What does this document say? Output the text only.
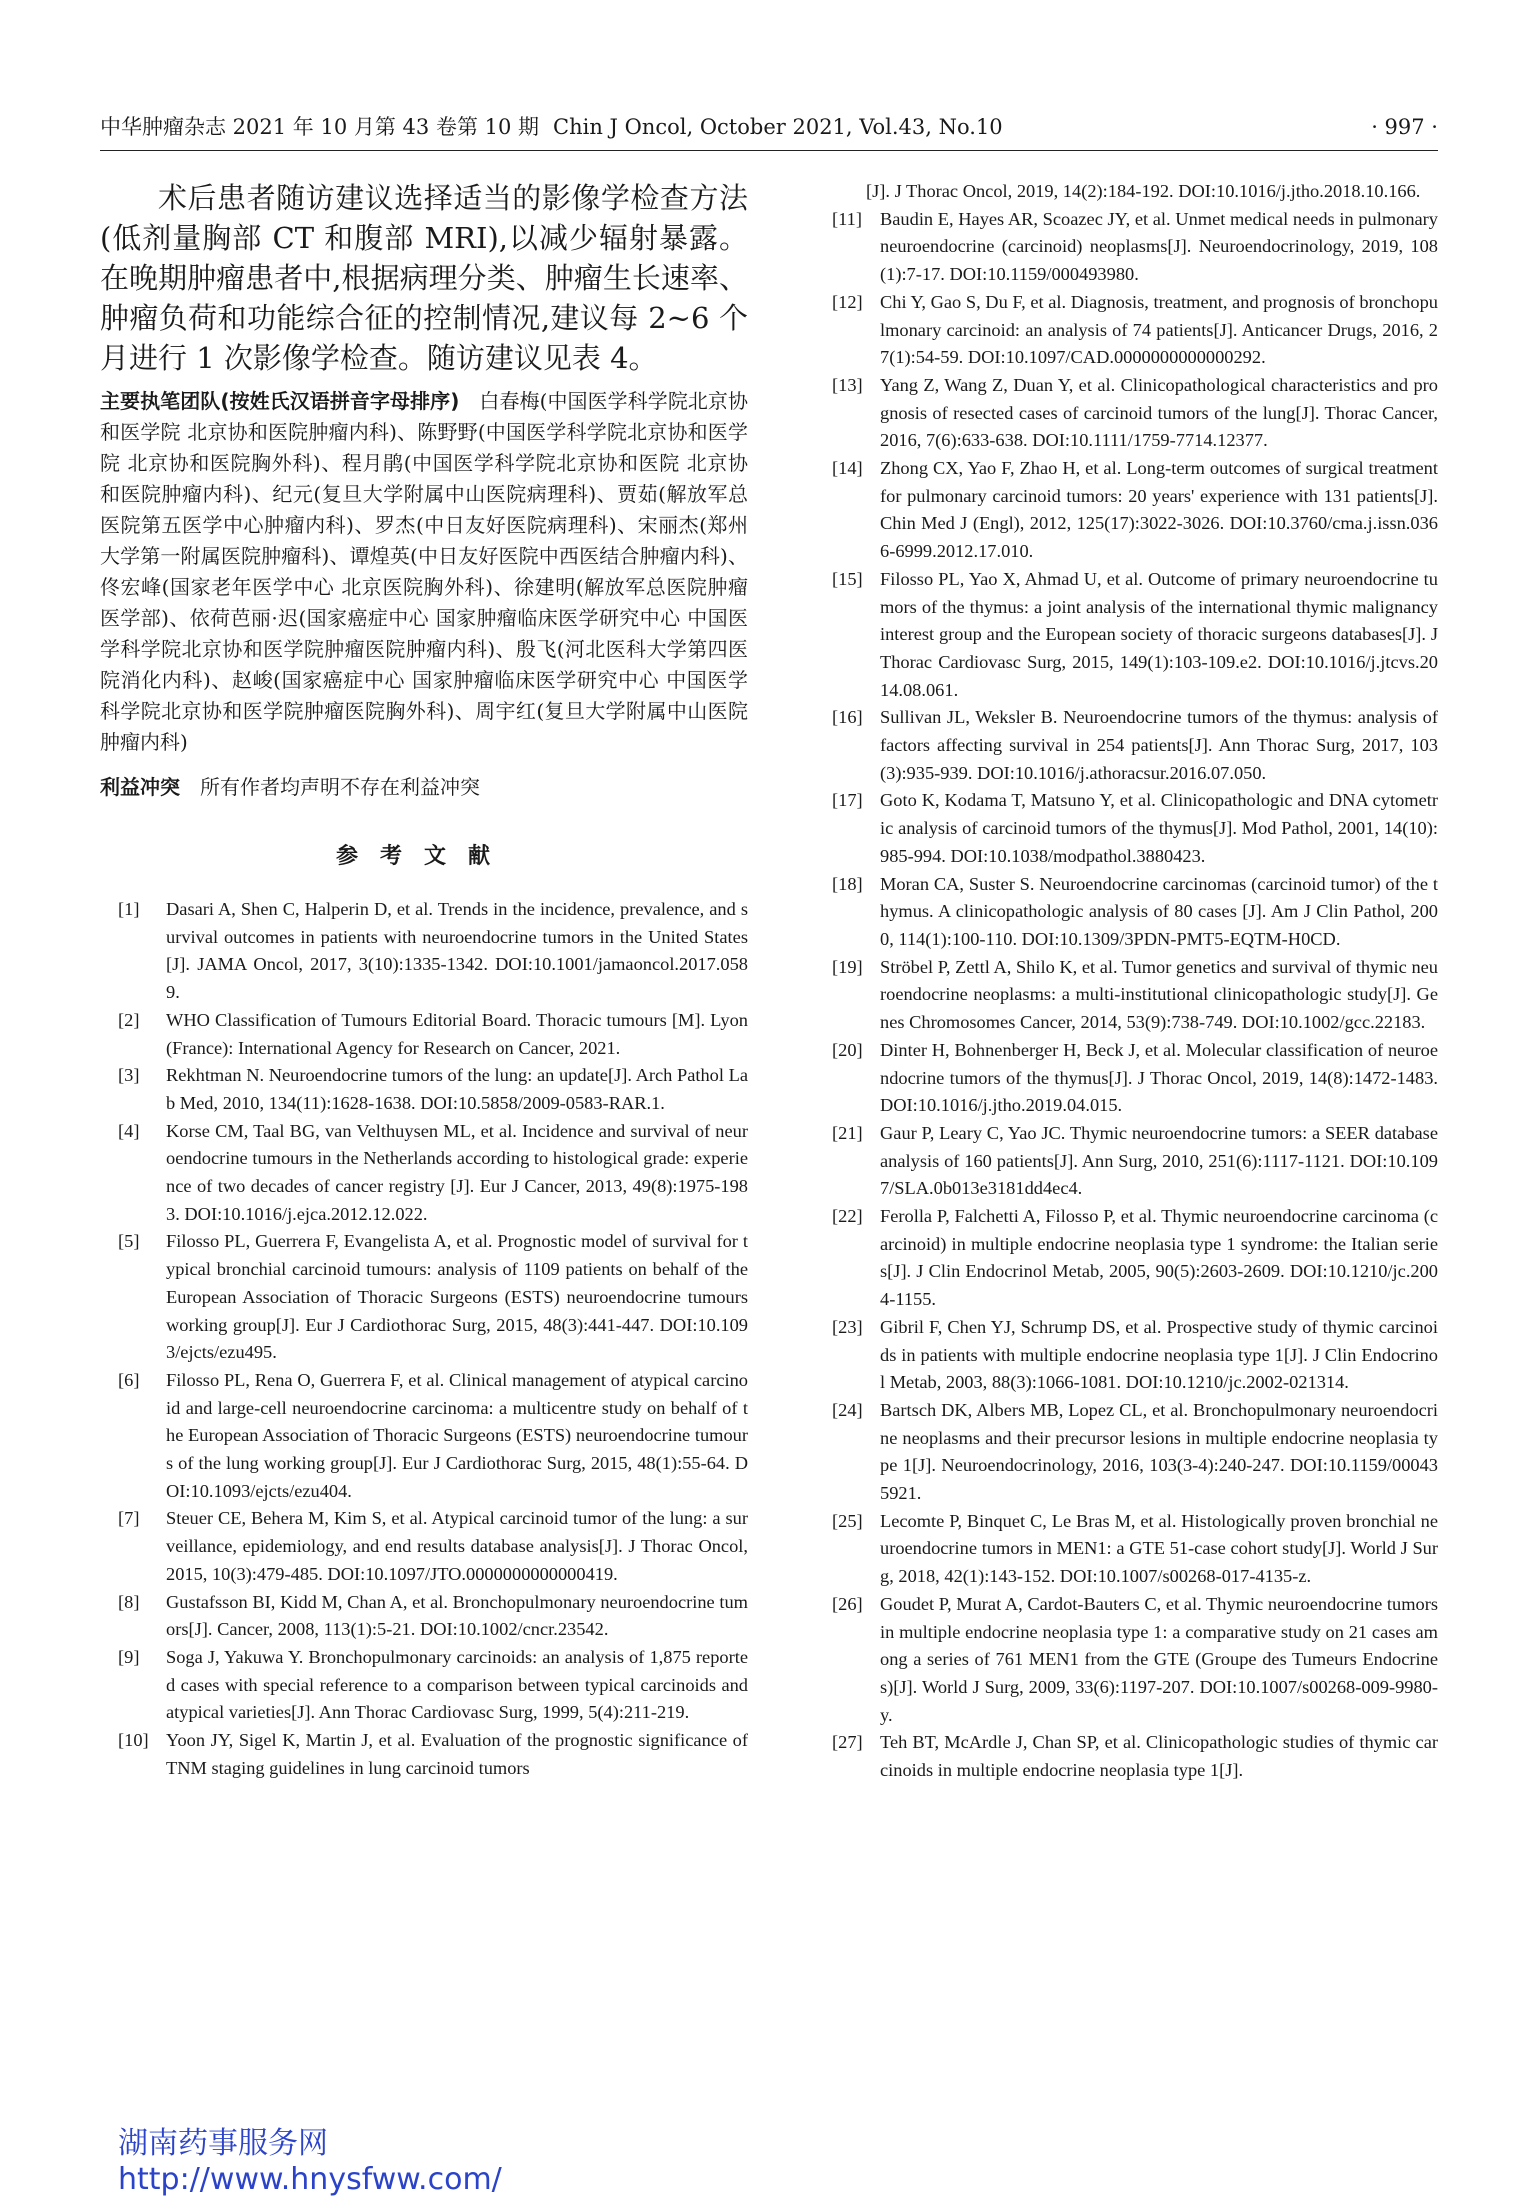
中华肿瘤杂志 2021 年 10 月第 43 卷第 10 期 Chin J Oncol, October 2021, Vol.43, No.10	· 997 ·

术后患者随访建议选择适当的影像学检查方法(低剂量胸部 CT 和腹部 MRI),以减少辐射暴露。在晚期肿瘤患者中,根据病理分类、肿瘤生长速率、肿瘤负荷和功能综合征的控制情况,建议每 2~6 个月进行 1 次影像学检查。随访建议见表 4。

主要执笔团队(按姓氏汉语拼音字母排序) 白春梅(中国医学科学院北京协和医学院 北京协和医院肿瘤内科)、陈野野(中国医学科学院北京协和医学院 北京协和医院胸外科)、程月鹃(中国医学科学院北京协和医院 北京协和医院肿瘤内科)、纪元(复旦大学附属中山医院病理科)、贾茹(解放军总医院第五医学中心肿瘤内科)、罗杰(中日友好医院病理科)、宋丽杰(郑州大学第一附属医院肿瘤科)、谭煌英(中日友好医院中西医结合肿瘤内科)、佟宏峰(国家老年医学中心 北京医院胸外科)、徐建明(解放军总医院肿瘤医学部)、依荷芭丽·迟(国家癌症中心 国家肿瘤临床医学研究中心 中国医学科学院北京协和医学院肿瘤医院肿瘤内科)、殷飞(河北医科大学第四医院消化内科)、赵峻(国家癌症中心 国家肿瘤临床医学研究中心 中国医学科学院北京协和医学院肿瘤医院胸外科)、周宇红(复旦大学附属中山医院肿瘤内科)

利益冲突 所有作者均声明不存在利益冲突

参考文献

[1] Dasari A, Shen C, Halperin D, et al. Trends in the incidence, prevalence, and survival outcomes in patients with neuroendocrine tumors in the United States[J]. JAMA Oncol, 2017, 3(10):1335-1342. DOI:10.1001/jamaoncol.2017.0589.

[2] WHO Classification of Tumours Editorial Board. Thoracic tumours [M]. Lyon (France): International Agency for Research on Cancer, 2021.

[3] Rekhtman N. Neuroendocrine tumors of the lung: an update[J]. Arch Pathol Lab Med, 2010, 134(11):1628-1638. DOI:10.5858/2009-0583-RAR.1.

[4] Korse CM, Taal BG, van Velthuysen ML, et al. Incidence and survival of neuroendocrine tumours in the Netherlands according to histological grade: experience of two decades of cancer registry [J]. Eur J Cancer, 2013, 49(8):1975-1983. DOI:10.1016/j.ejca.2012.12.022.

[5] Filosso PL, Guerrera F, Evangelista A, et al. Prognostic model of survival for typical bronchial carcinoid tumours: analysis of 1109 patients on behalf of the European Association of Thoracic Surgeons (ESTS) neuroendocrine tumours working group[J]. Eur J Cardiothorac Surg, 2015, 48(3):441-447. DOI:10.1093/ejcts/ezu495.

[6] Filosso PL, Rena O, Guerrera F, et al. Clinical management of atypical carcinoid and large-cell neuroendocrine carcinoma: a multicentre study on behalf of the European Association of Thoracic Surgeons (ESTS) neuroendocrine tumours of the lung working group[J]. Eur J Cardiothorac Surg, 2015, 48(1):55-64. DOI:10.1093/ejcts/ezu404.

[7] Steuer CE, Behera M, Kim S, et al. Atypical carcinoid tumor of the lung: a surveillance, epidemiology, and end results database analysis[J]. J Thorac Oncol, 2015, 10(3):479-485. DOI:10.1097/JTO.0000000000000419.

[8] Gustafsson BI, Kidd M, Chan A, et al. Bronchopulmonary neuroendocrine tumors[J]. Cancer, 2008, 113(1):5-21. DOI:10.1002/cncr.23542.

[9] Soga J, Yakuwa Y. Bronchopulmonary carcinoids: an analysis of 1,875 reported cases with special reference to a comparison between typical carcinoids and atypical varieties[J]. Ann Thorac Cardiovasc Surg, 1999, 5(4):211-219.

[10] Yoon JY, Sigel K, Martin J, et al. Evaluation of the prognostic significance of TNM staging guidelines in lung carcinoid tumors

[J]. J Thorac Oncol, 2019, 14(2):184-192. DOI:10.1016/j.jtho.2018.10.166.

[11] Baudin E, Hayes AR, Scoazec JY, et al. Unmet medical needs in pulmonary neuroendocrine (carcinoid) neoplasms[J]. Neuroendocrinology, 2019, 108(1):7-17. DOI:10.1159/000493980.

[12] Chi Y, Gao S, Du F, et al. Diagnosis, treatment, and prognosis of bronchopulmonary carcinoid: an analysis of 74 patients[J]. Anticancer Drugs, 2016, 27(1):54-59. DOI:10.1097/CAD.0000000000000292.

[13] Yang Z, Wang Z, Duan Y, et al. Clinicopathological characteristics and prognosis of resected cases of carcinoid tumors of the lung[J]. Thorac Cancer, 2016, 7(6):633-638. DOI:10.1111/1759-7714.12377.

[14] Zhong CX, Yao F, Zhao H, et al. Long-term outcomes of surgical treatment for pulmonary carcinoid tumors: 20 years' experience with 131 patients[J]. Chin Med J (Engl), 2012, 125(17):3022-3026. DOI:10.3760/cma.j.issn.0366-6999.2012.17.010.

[15] Filosso PL, Yao X, Ahmad U, et al. Outcome of primary neuroendocrine tumors of the thymus: a joint analysis of the international thymic malignancy interest group and the European society of thoracic surgeons databases[J]. J Thorac Cardiovasc Surg, 2015, 149(1):103-109.e2. DOI:10.1016/j.jtcvs.2014.08.061.

[16] Sullivan JL, Weksler B. Neuroendocrine tumors of the thymus: analysis of factors affecting survival in 254 patients[J]. Ann Thorac Surg, 2017, 103(3):935-939. DOI:10.1016/j.athoracsur.2016.07.050.

[17] Goto K, Kodama T, Matsuno Y, et al. Clinicopathologic and DNA cytometric analysis of carcinoid tumors of the thymus[J]. Mod Pathol, 2001, 14(10):985-994. DOI:10.1038/modpathol.3880423.

[18] Moran CA, Suster S. Neuroendocrine carcinomas (carcinoid tumor) of the thymus. A clinicopathologic analysis of 80 cases [J]. Am J Clin Pathol, 2000, 114(1):100-110. DOI:10.1309/3PDN-PMT5-EQTM-H0CD.

[19] Ströbel P, Zettl A, Shilo K, et al. Tumor genetics and survival of thymic neuroendocrine neoplasms: a multi-institutional clinicopathologic study[J]. Genes Chromosomes Cancer, 2014, 53(9):738-749. DOI:10.1002/gcc.22183.

[20] Dinter H, Bohnenberger H, Beck J, et al. Molecular classification of neuroendocrine tumors of the thymus[J]. J Thorac Oncol, 2019, 14(8):1472-1483. DOI:10.1016/j.jtho.2019.04.015.

[21] Gaur P, Leary C, Yao JC. Thymic neuroendocrine tumors: a SEER database analysis of 160 patients[J]. Ann Surg, 2010, 251(6):1117-1121. DOI:10.1097/SLA.0b013e3181dd4ec4.

[22] Ferolla P, Falchetti A, Filosso P, et al. Thymic neuroendocrine carcinoma (carcinoid) in multiple endocrine neoplasia type 1 syndrome: the Italian series[J]. J Clin Endocrinol Metab, 2005, 90(5):2603-2609. DOI:10.1210/jc.2004-1155.

[23] Gibril F, Chen YJ, Schrump DS, et al. Prospective study of thymic carcinoids in patients with multiple endocrine neoplasia type 1[J]. J Clin Endocrinol Metab, 2003, 88(3):1066-1081. DOI:10.1210/jc.2002-021314.

[24] Bartsch DK, Albers MB, Lopez CL, et al. Bronchopulmonary neuroendocrine neoplasms and their precursor lesions in multiple endocrine neoplasia type 1[J]. Neuroendocrinology, 2016, 103(3-4):240-247. DOI:10.1159/000435921.

[25] Lecomte P, Binquet C, Le Bras M, et al. Histologically proven bronchial neuroendocrine tumors in MEN1: a GTE 51-case cohort study[J]. World J Surg, 2018, 42(1):143-152. DOI:10.1007/s00268-017-4135-z.

[26] Goudet P, Murat A, Cardot-Bauters C, et al. Thymic neuroendocrine tumors in multiple endocrine neoplasia type 1: a comparative study on 21 cases among a series of 761 MEN1 from the GTE (Groupe des Tumeurs Endocrines)[J]. World J Surg, 2009, 33(6):1197-207. DOI:10.1007/s00268-009-9980-y.

[27] Teh BT, McArdle J, Chan SP, et al. Clinicopathologic studies of thymic carcinoids in multiple endocrine neoplasia type 1[J].

湖南药事服务网
http://www.hnysfww.com/
